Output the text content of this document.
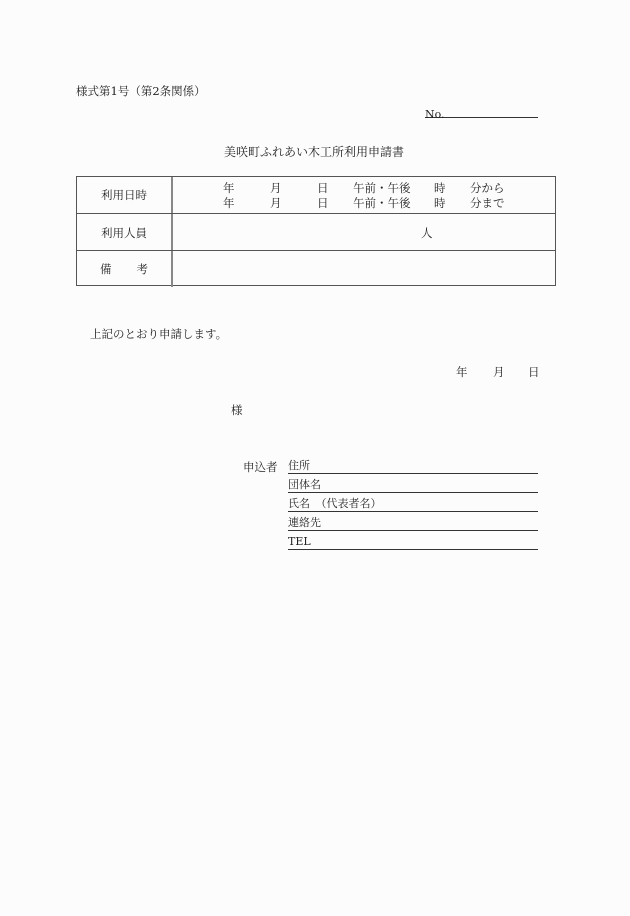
様式第1号（第2条関係）
No.
美咲町ふれあい木工所利用申請書
利用日時	年	月	日 午前・午後 時 分から
年	月	日 午前・午後 時 分まで
利用人員	人
備 考
上記のとおり申請します。
年 月 日
様
申込者 住所
団体名
氏名　（代表者名）
連絡先
TEL
